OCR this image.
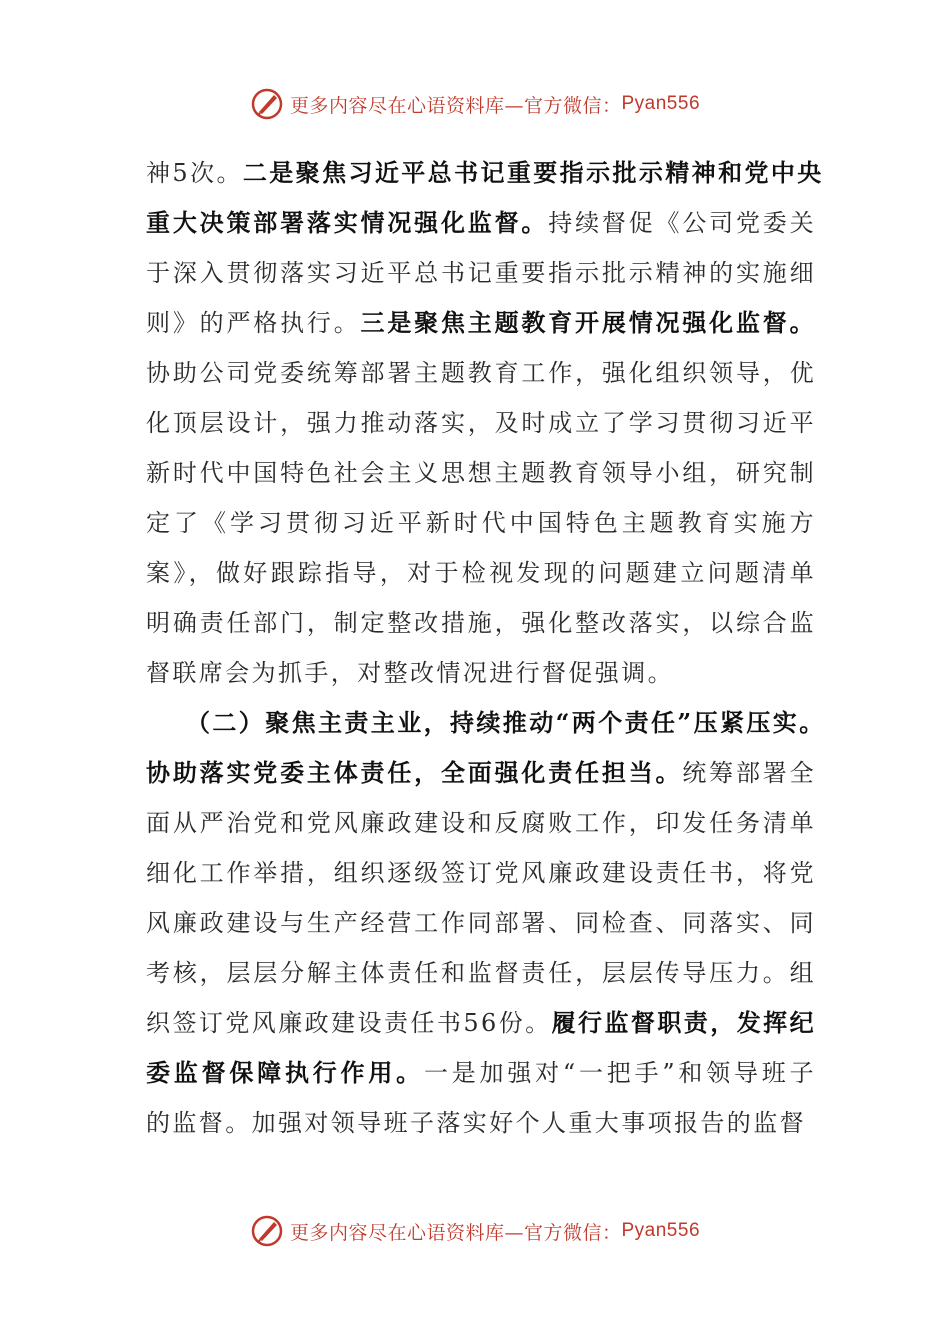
更多内容尽在心语资料库—官方微信： Pyan556
神5次。二是聚焦习近平总书记重要指示批示精神和党中央
重大决策部署落实情况强化监督。持续督促《公司党委关
于深入贯彻落实习近平总书记重要指示批示精神的实施细
则》的严格执行。三是聚焦主题教育开展情况强化监督。
协助公司党委统筹部署主题教育工作，强化组织领导，优
化顶层设计，强力推动落实，及时成立了学习贯彻习近平
新时代中国特色社会主义思想主题教育领导小组，研究制
定了《学习贯彻习近平新时代中国特色主题教育实施方
案》，做好跟踪指导，对于检视发现的问题建立问题清单
明确责任部门，制定整改措施，强化整改落实，以综合监
督联席会为抓手，对整改情况进行督促强调。
（二）聚焦主责主业，持续推动“两个责任”压紧压实。
协助落实党委主体责任，全面强化责任担当。统筹部署全
面从严治党和党风廉政建设和反腐败工作，印发任务清单
细化工作举措，组织逐级签订党风廉政建设责任书，将党
风廉政建设与生产经营工作同部署、同检查、同落实、同
考核，层层分解主体责任和监督责任，层层传导压力。组
织签订党风廉政建设责任书56份。履行监督职责，发挥纪
委监督保障执行作用。一是加强对“一把手”和领导班子
的监督。加强对领导班子落实好个人重大事项报告的监督
更多内容尽在心语资料库—官方微信： Pyan556
